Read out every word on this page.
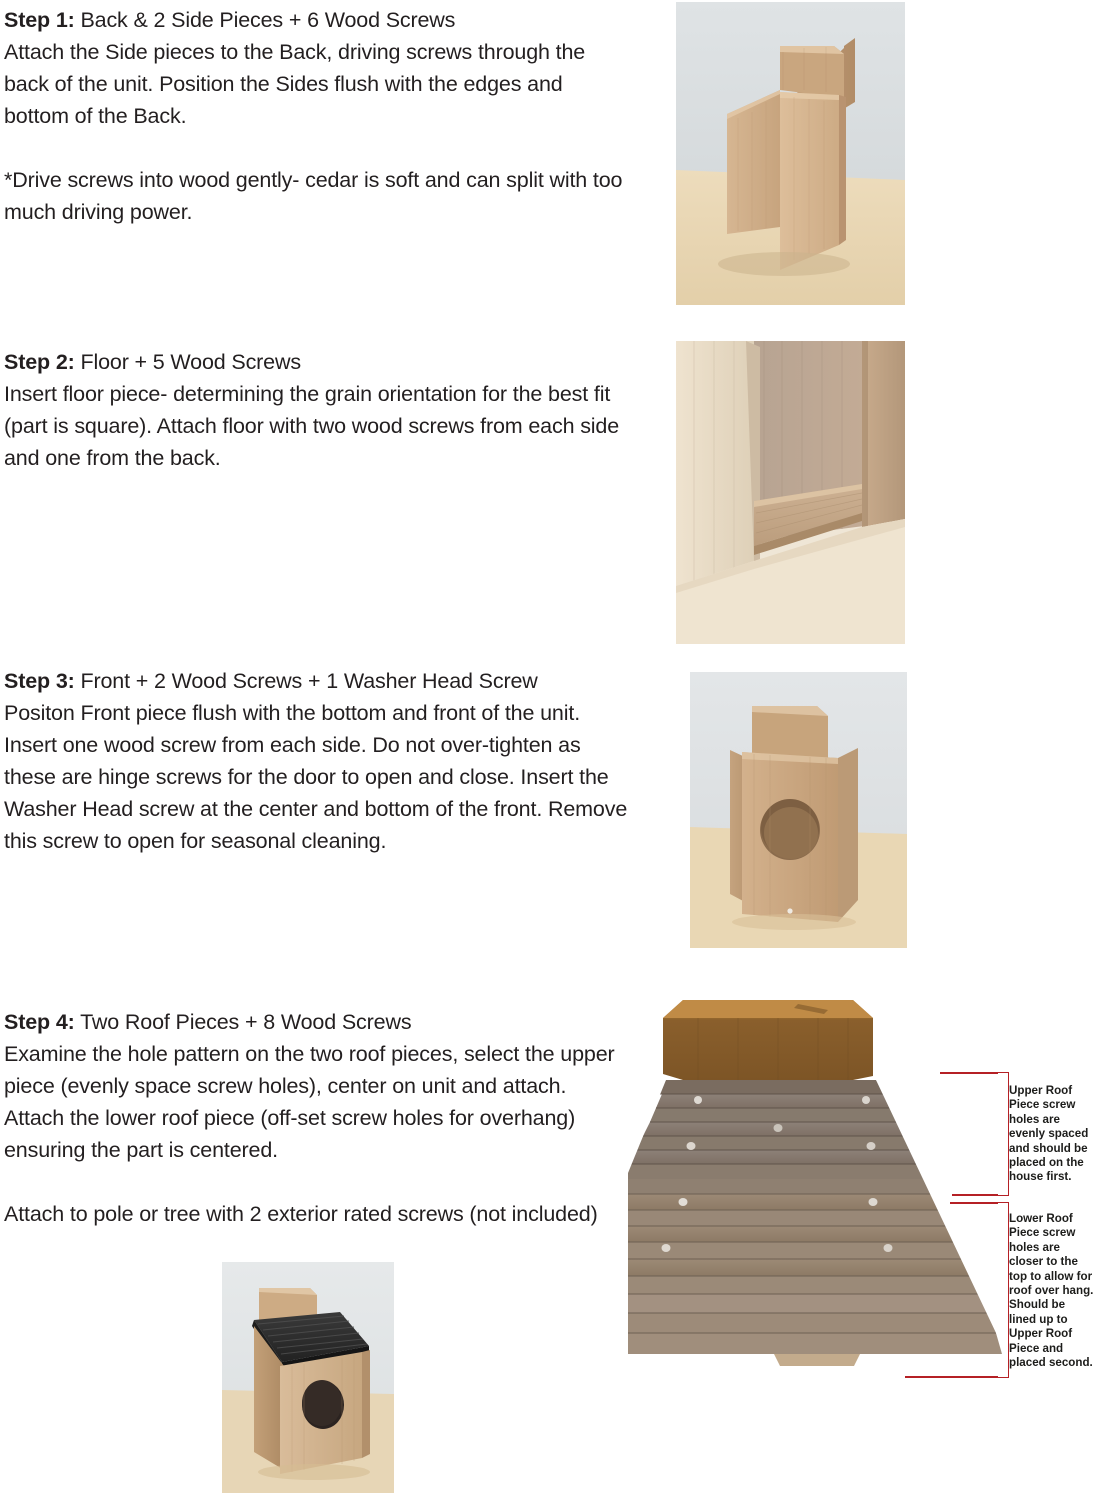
Step 1: Back & 2 Side Pieces + 6 Wood Screws

Attach the Side pieces to the Back, driving screws through the back of the unit. Position the Sides flush with the edges and bottom of the Back.

*Drive screws into wood gently- cedar is soft and can split with too much driving power.

Step 2: Floor + 5 Wood Screws

Insert floor piece- determining the grain orientation for the best fit (part is square). Attach floor with two wood screws from each side and one from the back.

Step 3: Front + 2 Wood Screws + 1 Washer Head Screw

Positon Front piece flush with the bottom and front of the unit. Insert one wood screw from each side. Do not over-tighten as these are hinge screws for the door to open and close. Insert the Washer Head screw at the center and bottom of the front. Remove this screw to open for seasonal cleaning.

Step 4: Two Roof Pieces + 8 Wood Screws

Examine the hole pattern on the two roof pieces, select the upper piece (evenly space screw holes), center on unit and attach. Attach the lower roof piece (off-set screw holes for overhang) ensuring the part is centered.

Attach to pole or tree with 2 exterior rated screws (not included)

Upper Roof Piece screw holes are evenly spaced and should be placed on the house first.
Lower Roof Piece screw holes are closer to the top to allow for roof over hang. Should be lined up to Upper Roof Piece and placed second.
